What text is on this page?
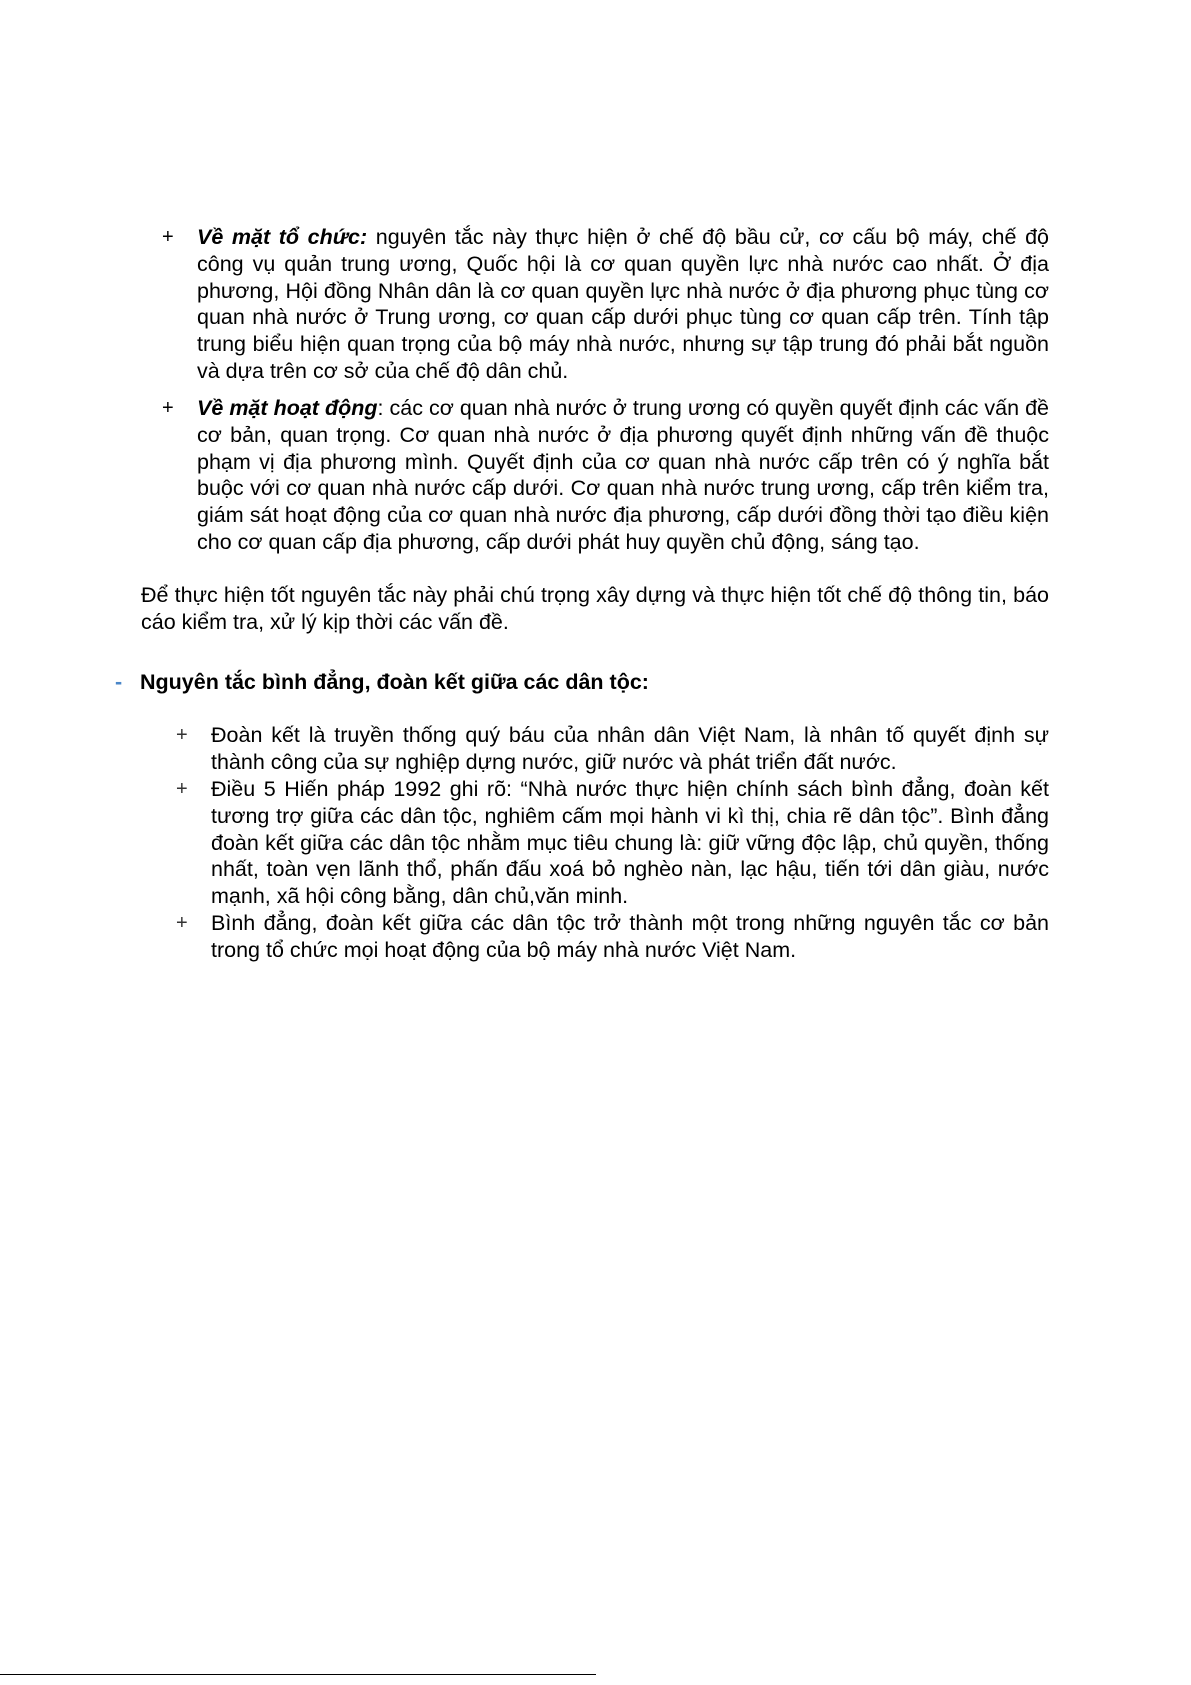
+ Về mặt tổ chức: nguyên tắc này thực hiện ở chế độ bầu cử, cơ cấu bộ máy, chế độ công vụ quản trung ương, Quốc hội là cơ quan quyền lực nhà nước cao nhất. Ở địa phương, Hội đồng Nhân dân là cơ quan quyền lực nhà nước ở địa phương phục tùng cơ quan nhà nước ở Trung ương, cơ quan cấp dưới phục tùng cơ quan cấp trên. Tính tập trung biểu hiện quan trọng của bộ máy nhà nước, nhưng sự tập trung đó phải bắt nguồn và dựa trên cơ sở của chế độ dân chủ.
+ Về mặt hoạt động: các cơ quan nhà nước ở trung ương có quyền quyết định các vấn đề cơ bản, quan trọng. Cơ quan nhà nước ở địa phương quyết định những vấn đề thuộc phạm vị địa phương mình. Quyết định của cơ quan nhà nước cấp trên có ý nghĩa bắt buộc với cơ quan nhà nước cấp dưới. Cơ quan nhà nước trung ương, cấp trên kiểm tra, giám sát hoạt động của cơ quan nhà nước địa phương, cấp dưới đồng thời tạo điều kiện cho cơ quan cấp địa phương, cấp dưới phát huy quyền chủ động, sáng tạo.
Để thực hiện tốt nguyên tắc này phải chú trọng xây dựng và thực hiện tốt chế độ thông tin, báo cáo kiểm tra, xử lý kịp thời các vấn đề.
- Nguyên tắc bình đẳng, đoàn kết giữa các dân tộc:
+ Đoàn kết là truyền thống quý báu của nhân dân Việt Nam, là nhân tố quyết định sự thành công của sự nghiệp dựng nước, giữ nước và phát triển đất nước.
+ Điều 5 Hiến pháp 1992 ghi rõ: “Nhà nước thực hiện chính sách bình đẳng, đoàn kết tương trợ giữa các dân tộc, nghiêm cấm mọi hành vi kì thị, chia rẽ dân tộc”. Bình đẳng đoàn kết giữa các dân tộc nhằm mục tiêu chung là: giữ vững độc lập, chủ quyền, thống nhất, toàn vẹn lãnh thổ, phấn đấu xoá bỏ nghèo nàn, lạc hậu, tiến tới dân giàu, nước mạnh, xã hội công bằng, dân chủ,văn minh.
+ Bình đẳng, đoàn kết giữa các dân tộc trở thành một trong những nguyên tắc cơ bản trong tổ chức mọi hoạt động của bộ máy nhà nước Việt Nam.
